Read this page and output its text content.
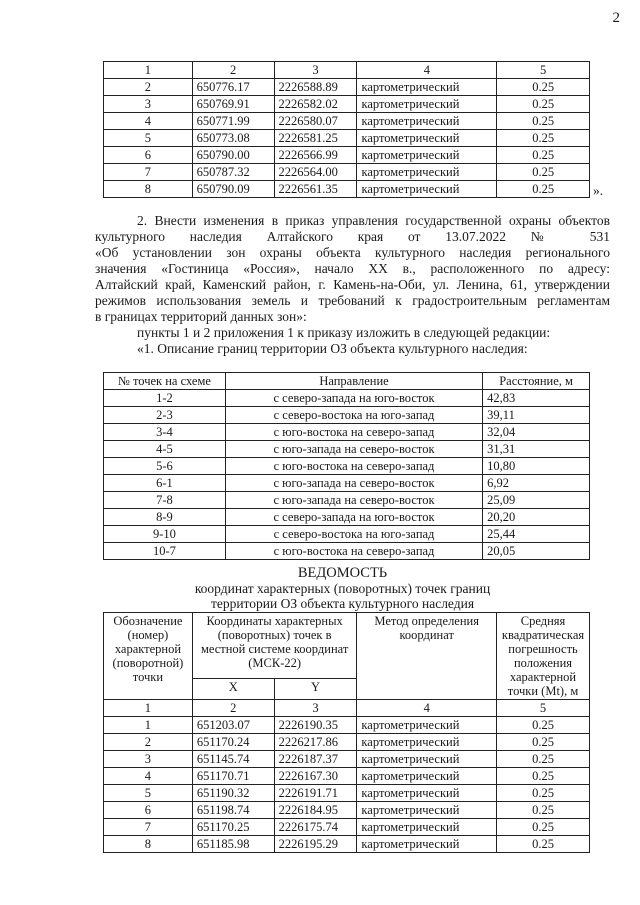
2
1	2	3	4	5
2	650776.17	2226588.89	картометрический	0.25
3	650769.91	2226582.02	картометрический	0.25
4	650771.99	2226580.07	картометрический	0.25
5	650773.08	2226581.25	картометрический	0.25
6	650790.00	2226566.99	картометрический	0.25
7	650787.32	2226564.00	картометрический	0.25
8	650790.09	2226561.35	картометрический	0.25	».
2. Внести изменения в приказ управления государственной охраны объектов
культурного наследия Алтайского края от 13.07.2022 № 531
«Об установлении зон охраны объекта культурного наследия регионального
значения «Гостиница «Россия», начало XX в., расположенного по адресу:
Алтайский край, Каменский район, г. Камень-на-Оби, ул. Ленина, 61, утверждении
режимов использования земель и требований к градостроительным регламентам
в границах территорий данных зон»:
пункты 1 и 2 приложения 1 к приказу изложить в следующей редакции:
«1. Описание границ территории ОЗ объекта культурного наследия:
№ точек на схеме	Направление	Расстояние, м
1-2	с северо-запада на юго-восток	42,83
2-3	с северо-востока на юго-запад	39,11
3-4	с юго-востока на северо-запад	32,04
4-5	с юго-запада на северо-восток	31,31
5-6	с юго-востока на северо-запад	10,80
6-1	с юго-запада на северо-восток	6,92
7-8	с юго-запада на северо-восток	25,09
8-9	с северо-запада на юго-восток	20,20
9-10	с северо-востока на юго-запад	25,44
10-7	с юго-востока на северо-запад	20,05
ВЕДОМОСТЬ
координат характерных (поворотных) точек границ
территории ОЗ объекта культурного наследия
Обозначение (номер) характерной (поворотной) точки	Координаты характерных (поворотных) точек в местной системе координат (МСК-22)		Метод определения координат	Средняя квадратическая погрешность положения характерной точки (Mt), м
	X	Y		
1	2	3	4	5
1	651203.07	2226190.35	картометрический	0.25
2	651170.24	2226217.86	картометрический	0.25
3	651145.74	2226187.37	картометрический	0.25
4	651170.71	2226167.30	картометрический	0.25
5	651190.32	2226191.71	картометрический	0.25
6	651198.74	2226184.95	картометрический	0.25
7	651170.25	2226175.74	картометрический	0.25
8	651185.98	2226195.29	картометрический	0.25
